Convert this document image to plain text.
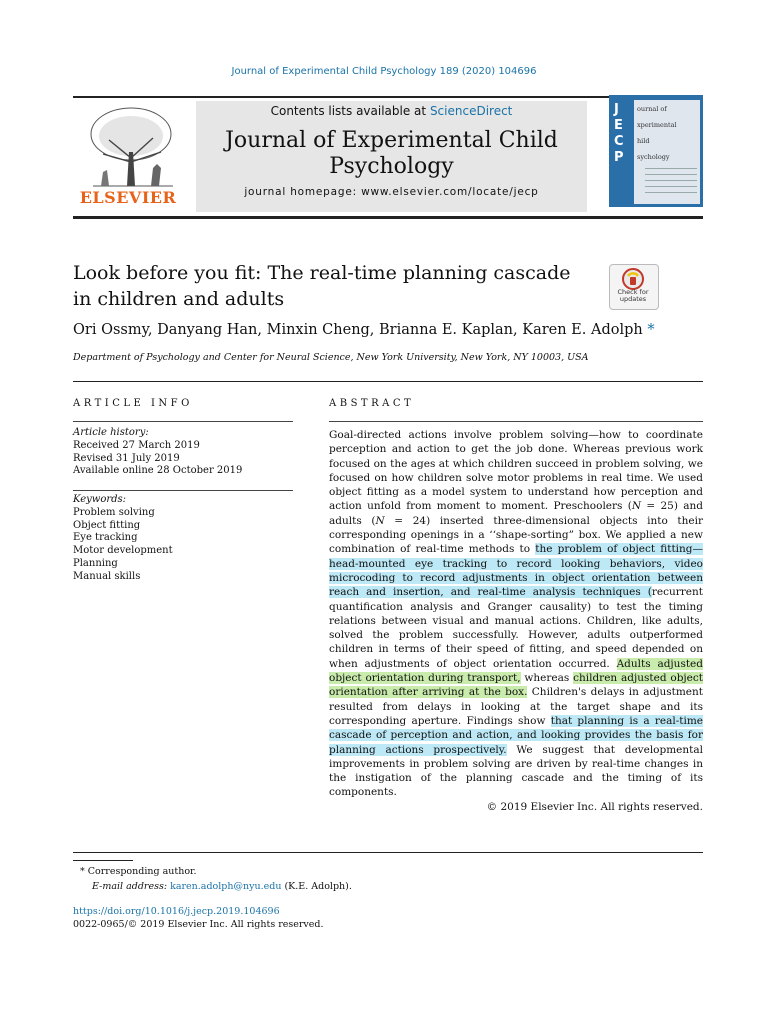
Journal of Experimental Child Psychology 189 (2020) 104696
ELSEVIER
Contents lists available at ScienceDirect
Journal of Experimental Child Psychology
journal homepage: www.elsevier.com/locate/jecp
J
E
C
P
ournal of
xperimental
hild
sychology
Look before you fit: The real-time planning cascade in children and adults	Check for
updates
Ori Ossmy, Danyang Han, Minxin Cheng, Brianna E. Kaplan, Karen E. Adolph *
Department of Psychology and Center for Neural Science, New York University, New York, NY 10003, USA
ARTICLE INFO	ABSTRACT
Article history:
Received 27 March 2019
Revised 31 July 2019
Available online 28 October 2019
Keywords:
Problem solving
Object fitting
Eye tracking
Motor development
Planning
Manual skills
Goal-directed actions involve problem solving—how to coordinate perception and action to get the job done. Whereas previous work focused on the ages at which children succeed in problem solving, we focused on how children solve motor problems in real time. We used object fitting as a model system to understand how perception and action unfold from moment to moment. Preschoolers (N = 25) and adults (N = 24) inserted three-dimensional objects into their corresponding openings in a ‘‘shape-sorting” box. We applied a new combination of real-time methods to the problem of object fitting—head-mounted eye tracking to record looking behaviors, video microcoding to record adjustments in object orientation between reach and insertion, and real-time analysis techniques (recurrent quantification analysis and Granger causality) to test the timing relations between visual and manual actions. Children, like adults, solved the problem successfully. However, adults outperformed children in terms of their speed of fitting, and speed depended on when adjustments of object orientation occurred. Adults adjusted object orientation during transport, whereas children adjusted object orientation after arriving at the box. Children's delays in adjustment resulted from delays in looking at the target shape and its corresponding aperture. Findings show that planning is a real-time cascade of perception and action, and looking provides the basis for planning actions prospectively. We suggest that developmental improvements in problem solving are driven by real-time changes in the instigation of the planning cascade and the timing of its components.
© 2019 Elsevier Inc. All rights reserved.
* Corresponding author.
E-mail address: karen.adolph@nyu.edu (K.E. Adolph).
https://doi.org/10.1016/j.jecp.2019.104696
0022-0965/© 2019 Elsevier Inc. All rights reserved.
